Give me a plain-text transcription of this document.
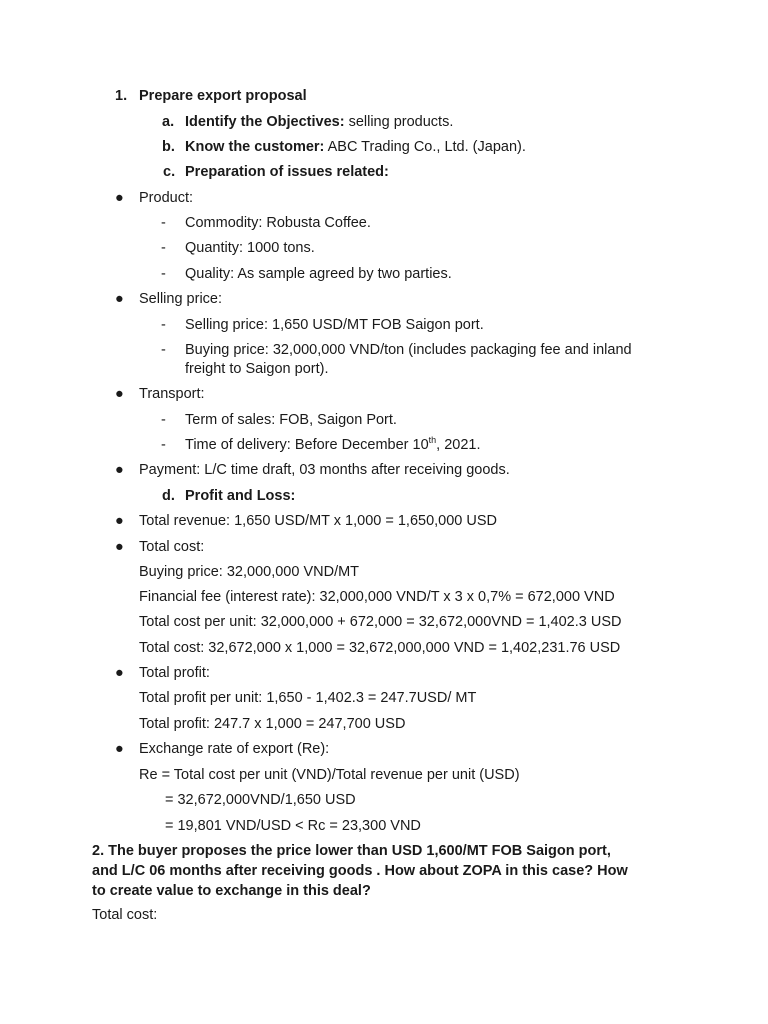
1. Prepare export proposal
a. Identify the Objectives: selling products.
b. Know the customer: ABC Trading Co., Ltd. (Japan).
c. Preparation of issues related:
● Product:
- Commodity: Robusta Coffee.
- Quantity: 1000 tons.
- Quality: As sample agreed by two parties.
● Selling price:
- Selling price: 1,650 USD/MT FOB Saigon port.
- Buying price: 32,000,000 VND/ton (includes packaging fee and inland
freight to Saigon port).
● Transport:
- Term of sales: FOB, Saigon Port.
- Time of delivery: Before December 10th, 2021.
● Payment: L/C time draft, 03 months after receiving goods.
d. Profit and Loss:
● Total revenue: 1,650 USD/MT x 1,000 = 1,650,000 USD
● Total cost:
Buying price: 32,000,000 VND/MT
Financial fee (interest rate): 32,000,000 VND/T x 3 x 0,7% = 672,000 VND
Total cost per unit: 32,000,000 + 672,000 = 32,672,000VND = 1,402.3 USD
Total cost: 32,672,000 x 1,000 = 32,672,000,000 VND = 1,402,231.76 USD
● Total profit:
Total profit per unit: 1,650 - 1,402.3 = 247.7USD/ MT
Total profit: 247.7 x 1,000 = 247,700 USD
● Exchange rate of export (Re):
Re = Total cost per unit (VND)/Total revenue per unit (USD)
= 32,672,000VND/1,650 USD
= 19,801 VND/USD < Rc = 23,300 VND
2. The buyer proposes the price lower than USD 1,600/MT FOB Saigon port,
and L/C 06 months after receiving goods . How about ZOPA in this case? How
to create value to exchange in this deal?
Total cost:
